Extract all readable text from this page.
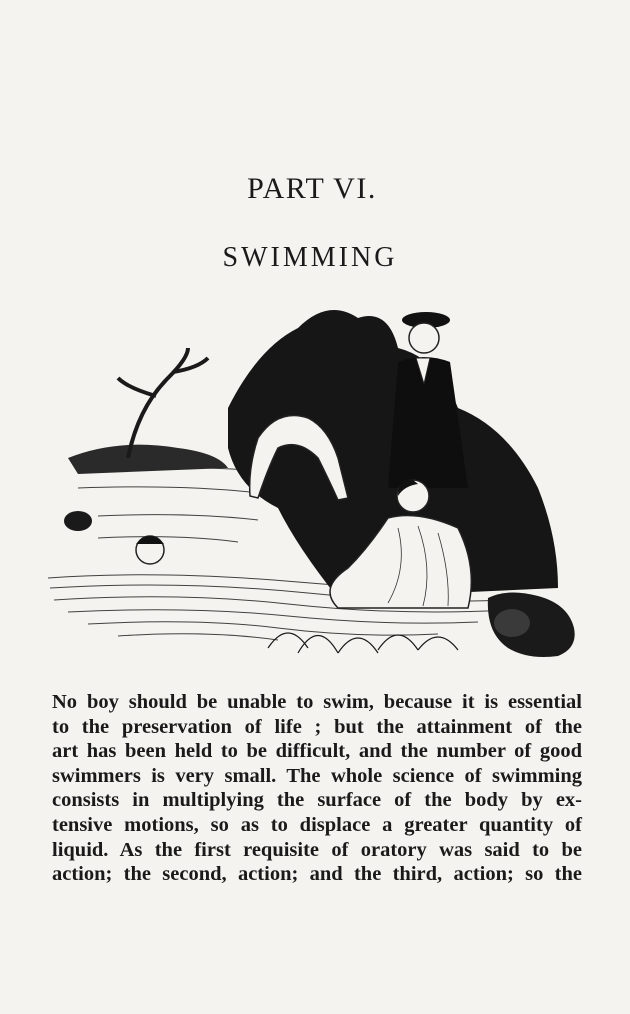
PART VI.
SWIMMING
No boy should be unable to swim, because it is essential
to the preservation of life ; but the attainment of the
art has been held to be difficult, and the number of good
swimmers is very small. The whole science of swimming
consists in multiplying the surface of the body by ex-
tensive motions, so as to displace a greater quantity of
liquid. As the first requisite of oratory was said to be
action; the second, action; and the third, action; so the
